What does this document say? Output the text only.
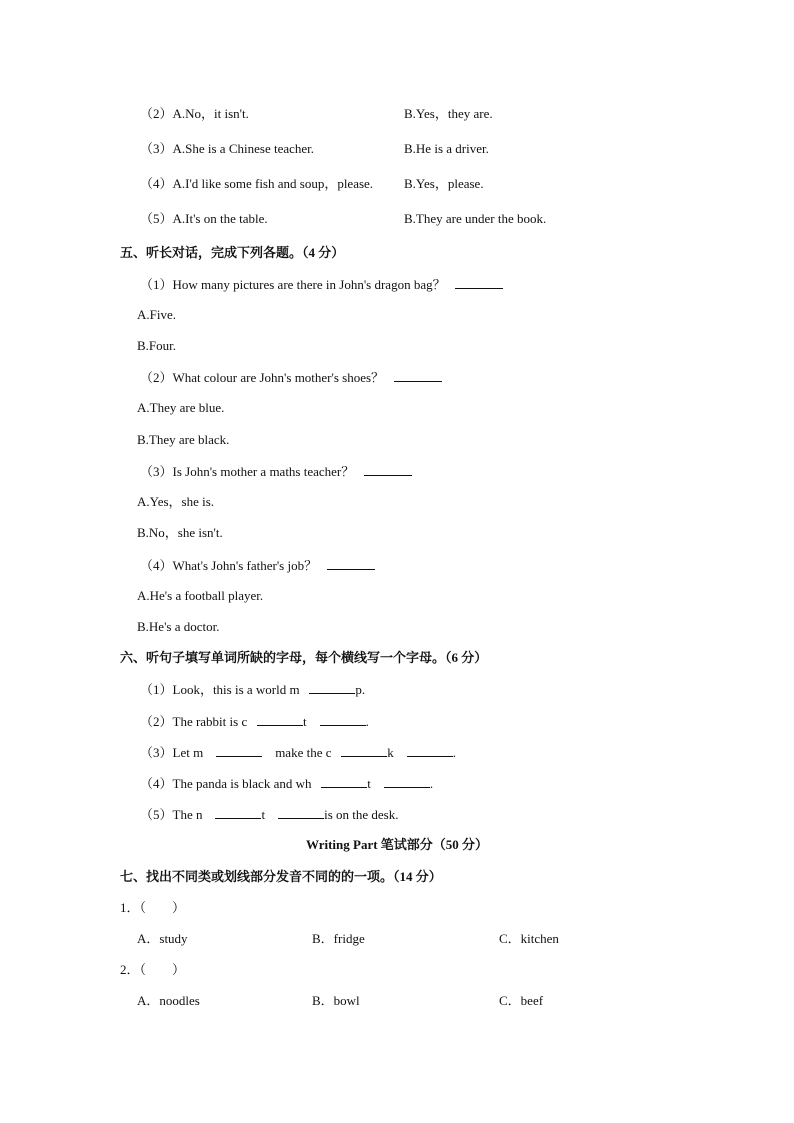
（2）A.No，it isn't.	B.Yes，they are.
（3）A.She is a Chinese teacher.	B.He is a driver.
（4）A.I'd like some fish and soup，please. B.Yes，please.
（5）A.It's on the table.	B.They are under the book.
五、听长对话，完成下列各题。（4 分）
（1）How many pictures are there in John's dragon bag？
A.Five.
B.Four.
（2）What colour are John's mother's shoes？
A.They are blue.
B.They are black.
（3）Is John's mother a maths teacher？
A.Yes，she is.
B.No，she isn't.
（4）What's John's father's job？
A.He's a football player.
B.He's a doctor.
六、听句子填写单词所缺的字母，每个横线写一个字母。（6 分）
（1）Look，this is a world m	p.
（2）The rabbit is c	t	.
（3）Let m	make the c	k	.
（4）The panda is black and wh	t	.
（5）The n	t	is on the desk.
Writing Part 笔试部分（50 分）
七、找出不同类或划线部分发音不同的的一项。（14 分）
1．（　　）
A．study	B．fridge	C．kitchen
2．（　　）
A．noodles	B．bowl	C．beef
